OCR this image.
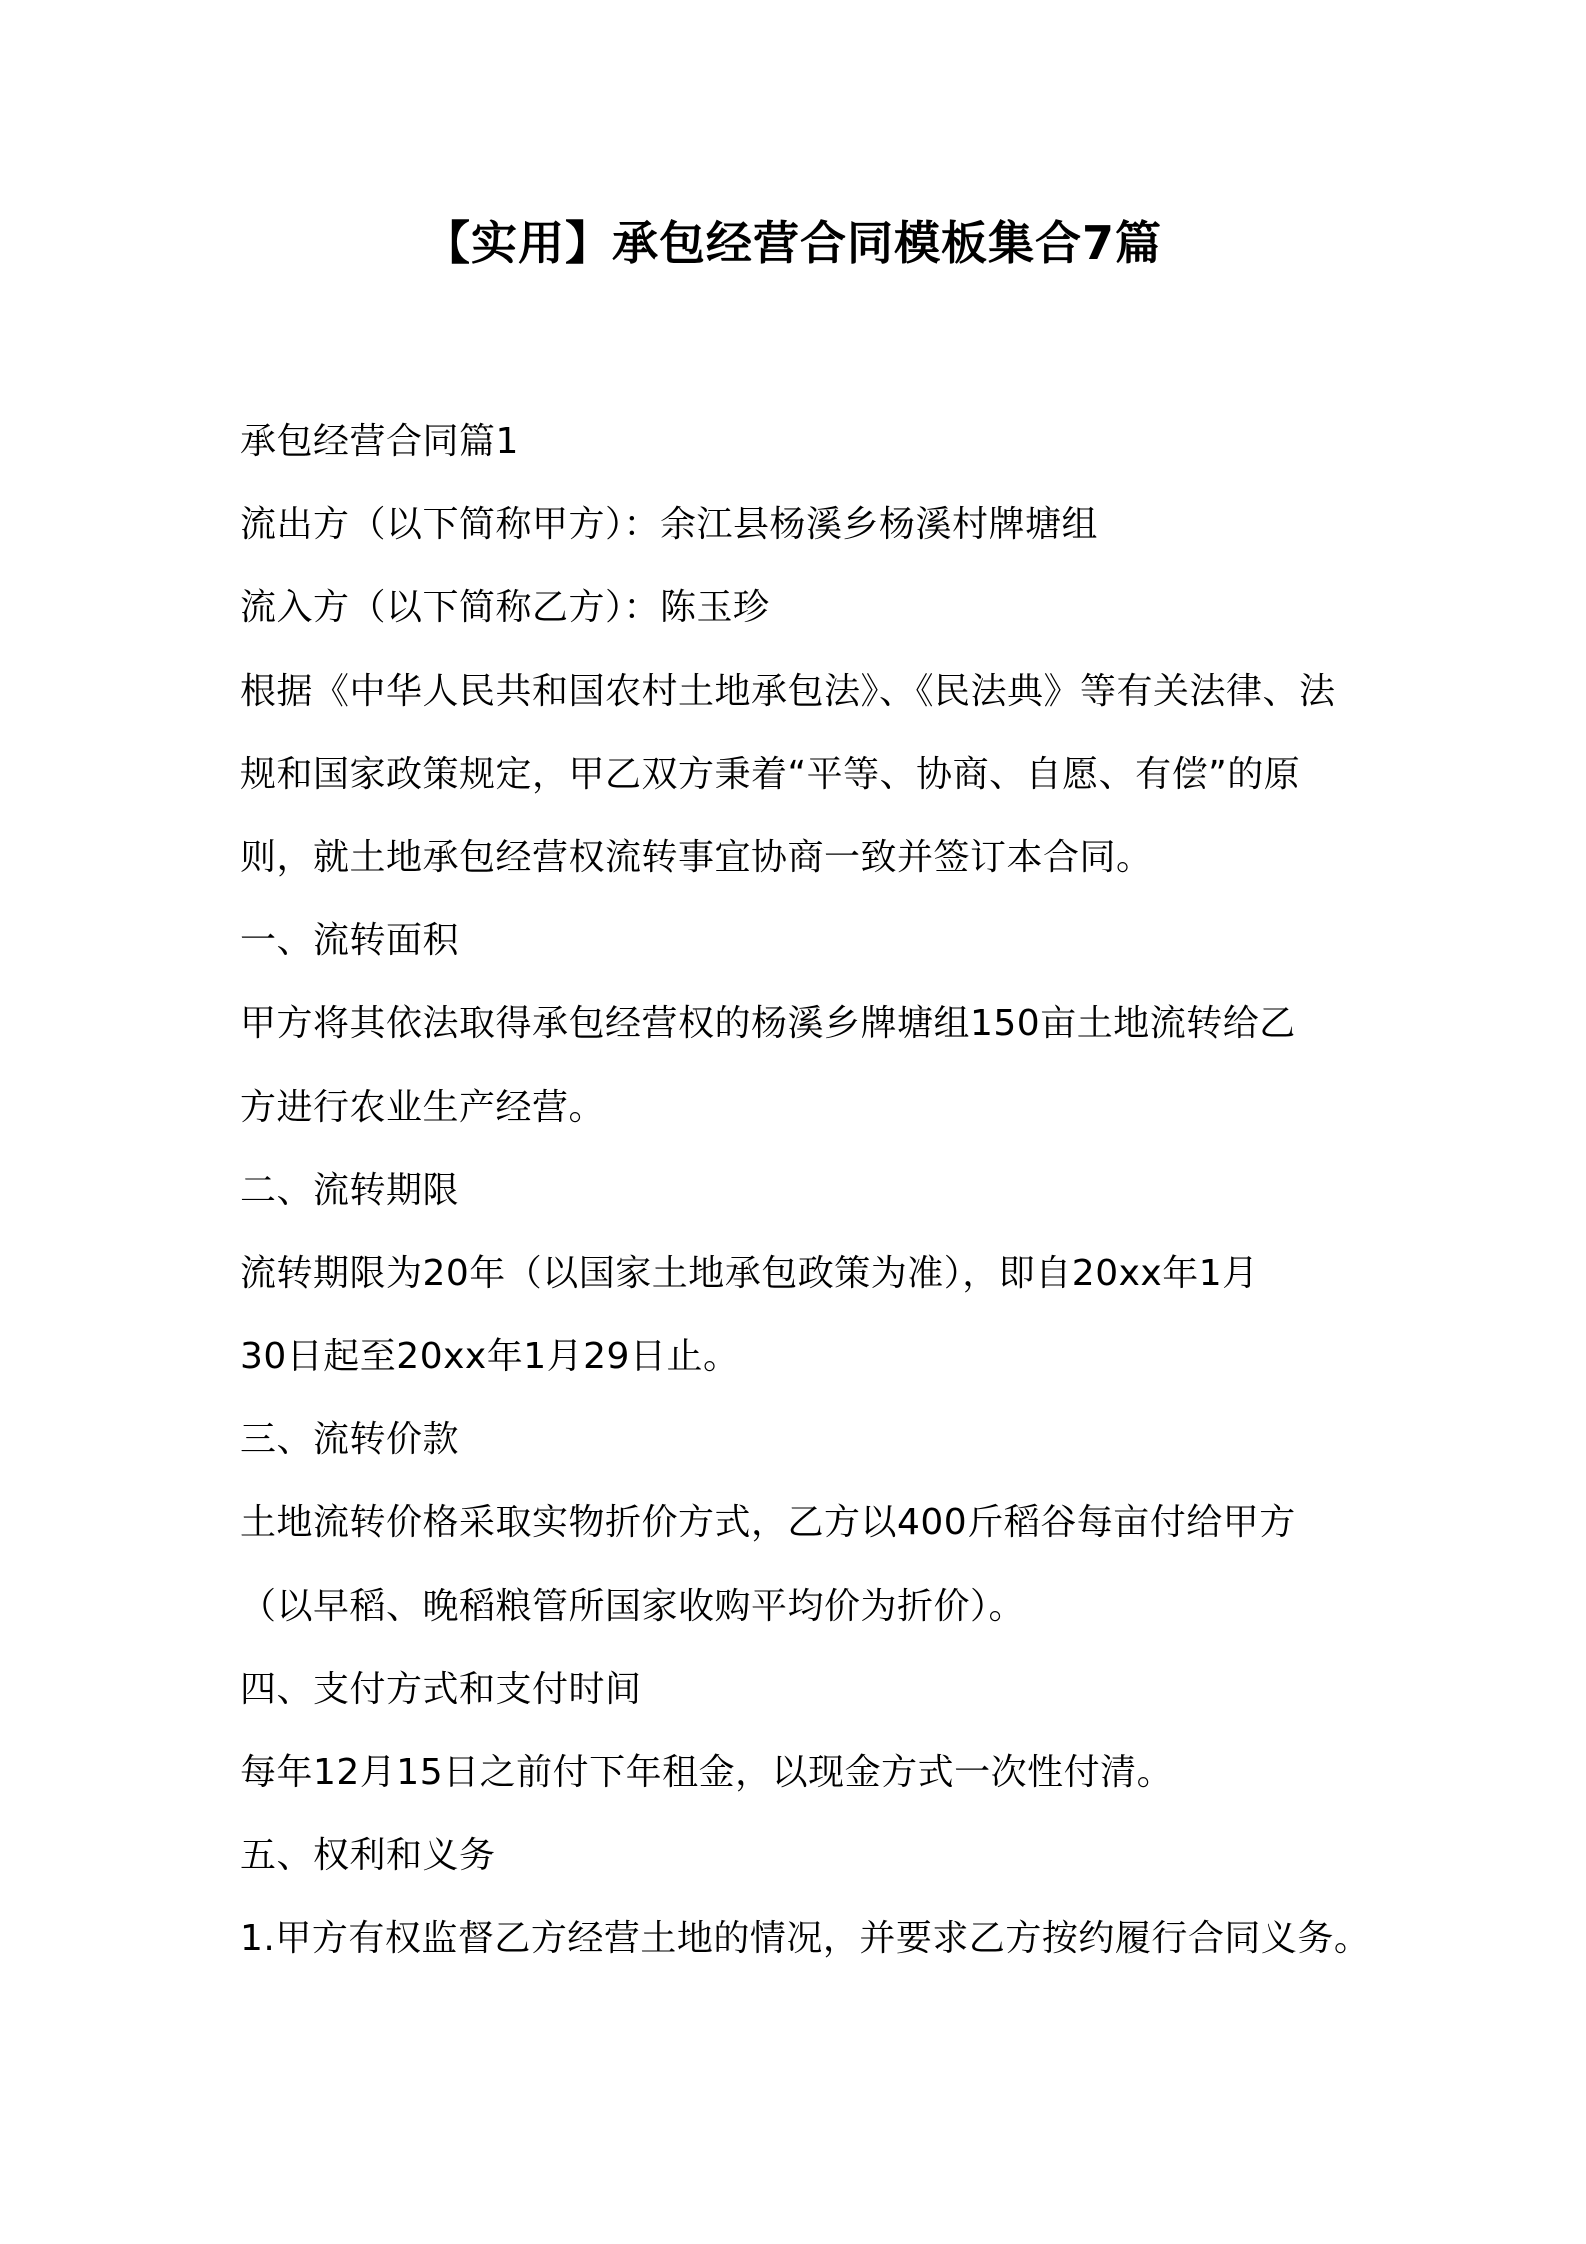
【实用】承包经营合同模板集合7篇
承包经营合同篇1
流出方（以下简称甲方）：余江县杨溪乡杨溪村牌塘组
流入方（以下简称乙方）：陈玉珍
根据《中华人民共和国农村土地承包法》、《民法典》等有关法律、法
规和国家政策规定，甲乙双方秉着“平等、协商、自愿、有偿”的原
则，就土地承包经营权流转事宜协商一致并签订本合同。
一、流转面积
甲方将其依法取得承包经营权的杨溪乡牌塘组150亩土地流转给乙
方进行农业生产经营。
二、流转期限
流转期限为20年（以国家土地承包政策为准），即自20xx年1月
30日起至20xx年1月29日止。
三、流转价款
土地流转价格采取实物折价方式，乙方以400斤稻谷每亩付给甲方
（以早稻、晚稻粮管所国家收购平均价为折价）。
四、支付方式和支付时间
每年12月15日之前付下年租金，以现金方式一次性付清。
五、权利和义务
1.甲方有权监督乙方经营土地的情况，并要求乙方按约履行合同义务。
